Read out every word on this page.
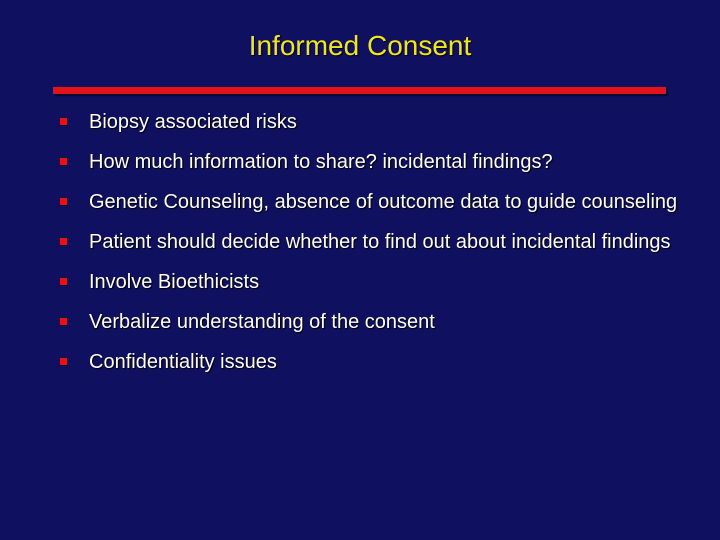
Informed Consent
Biopsy associated risks
How much information to share? incidental findings?
Genetic Counseling, absence of outcome data to guide counseling
Patient should decide whether to find out about incidental findings
Involve Bioethicists
Verbalize understanding of the consent
Confidentiality issues
